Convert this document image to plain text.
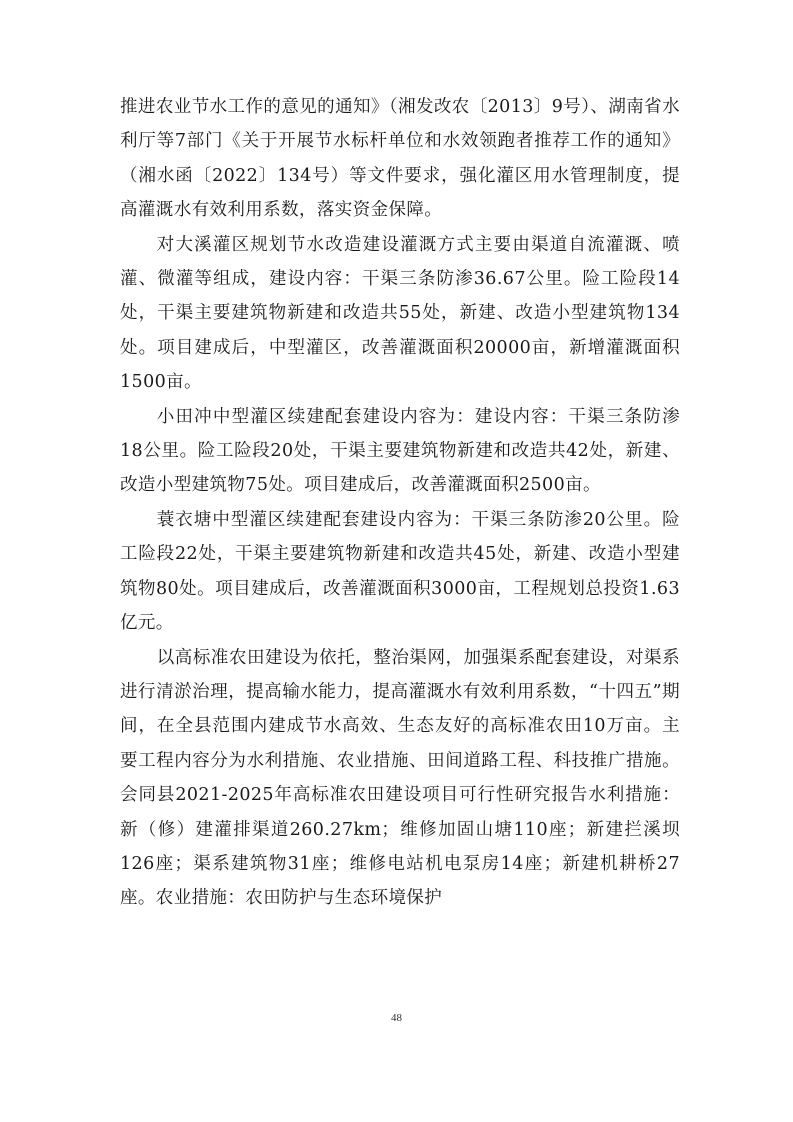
推进农业节水工作的意见的通知》（湘发改农〔2013〕9号）、湖南省水利厅等7部门《关于开展节水标杆单位和水效领跑者推荐工作的通知》（湘水函〔2022〕134号）等文件要求，强化灌区用水管理制度，提高灌溉水有效利用系数，落实资金保障。

对大溪灌区规划节水改造建设灌溉方式主要由渠道自流灌溉、喷灌、微灌等组成，建设内容：干渠三条防渗36.67公里。险工险段14处，干渠主要建筑物新建和改造共55处，新建、改造小型建筑物134处。项目建成后，中型灌区，改善灌溉面积20000亩，新增灌溉面积1500亩。

小田冲中型灌区续建配套建设内容为：建设内容：干渠三条防渗18公里。险工险段20处，干渠主要建筑物新建和改造共42处，新建、改造小型建筑物75处。项目建成后，改善灌溉面积2500亩。

蓑衣塘中型灌区续建配套建设内容为：干渠三条防渗20公里。险工险段22处，干渠主要建筑物新建和改造共45处，新建、改造小型建筑物80处。项目建成后，改善灌溉面积3000亩，工程规划总投资1.63亿元。

以高标准农田建设为依托，整治渠网，加强渠系配套建设，对渠系进行清淤治理，提高输水能力，提高灌溉水有效利用系数，“十四五”期间，在全县范围内建成节水高效、生态友好的高标准农田10万亩。主要工程内容分为水利措施、农业措施、田间道路工程、科技推广措施。会同县2021-2025年高标准农田建设项目可行性研究报告水利措施：新（修）建灌排渠道260.27km；维修加固山塘110座；新建拦溪坝126座；渠系建筑物31座；维修电站机电泵房14座；新建机耕桥27座。农业措施：农田防护与生态环境保护

48
